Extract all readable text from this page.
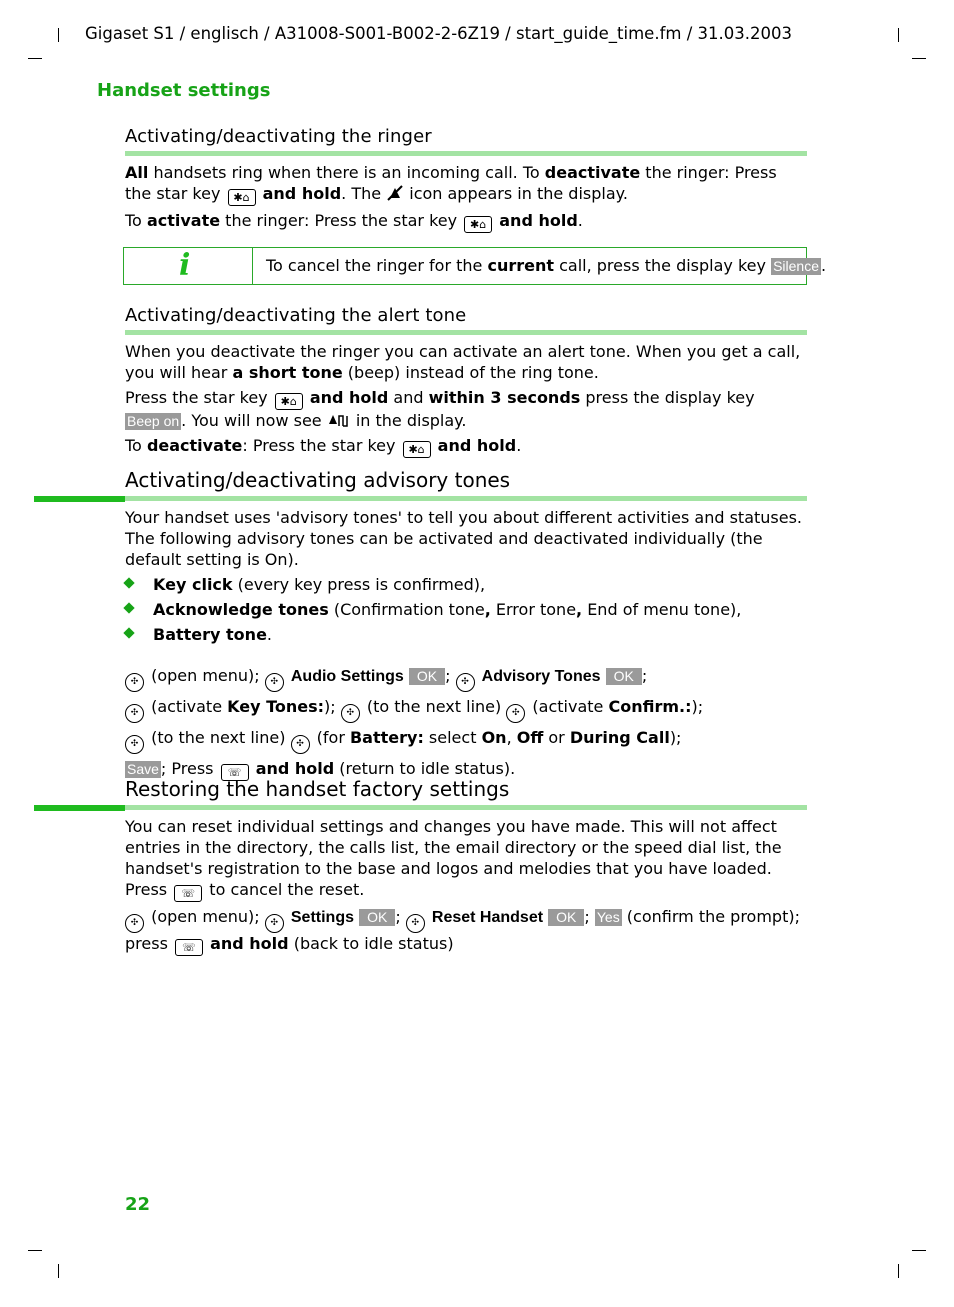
Gigaset S1 / englisch / A31008-S001-B002-2-6Z19 / start_guide_time.fm / 31.03.2003
Handset settings
Activating/deactivating the ringer

All handsets ring when there is an incoming call. To deactivate the ringer: Press the star key ✱⌂ and hold. The  icon appears in the display.

To activate the ringer: Press the star key ✱⌂ and hold.

i	To cancel the ringer for the current call, press the display key Silence .
Activating/deactivating the alert tone

When you deactivate the ringer you can activate an alert tone. When you get a call, you will hear a short tone (beep) instead of the ring tone.

Press the star key ✱⌂ and hold and within 3 seconds press the display key Beep on . You will now see  in the display.

To deactivate: Press the star key ✱⌂ and hold.

Activating/deactivating advisory tones

Your handset uses 'advisory tones' to tell you about different activities and statuses. The following advisory tones can be activated and deactivated individually (the default setting is On).

Key click (every key press is confirmed),
Acknowledge tones (Confirmation tone, Error tone, End of menu tone),
Battery tone.

✣ (open menu); ✣ Audio Settings OK ; ✣ Advisory Tones OK ;

✣ (activate Key Tones:); ✣ (to the next line) ✣ (activate Confirm.:);

✣ (to the next line) ✣ (for Battery: select On, Off or During Call);

Save ; Press ☏ and hold (return to idle status).

Restoring the handset factory settings

You can reset individual settings and changes you have made. This will not affect entries in the directory, the calls list, the email directory or the speed dial list, the handset's registration to the base and logos and melodies that you have loaded. Press ☏ to cancel the reset.

✣ (open menu); ✣ Settings OK ; ✣ Reset Handset OK ; Yes (confirm the prompt); press ☏ and hold (back to idle status)

22
